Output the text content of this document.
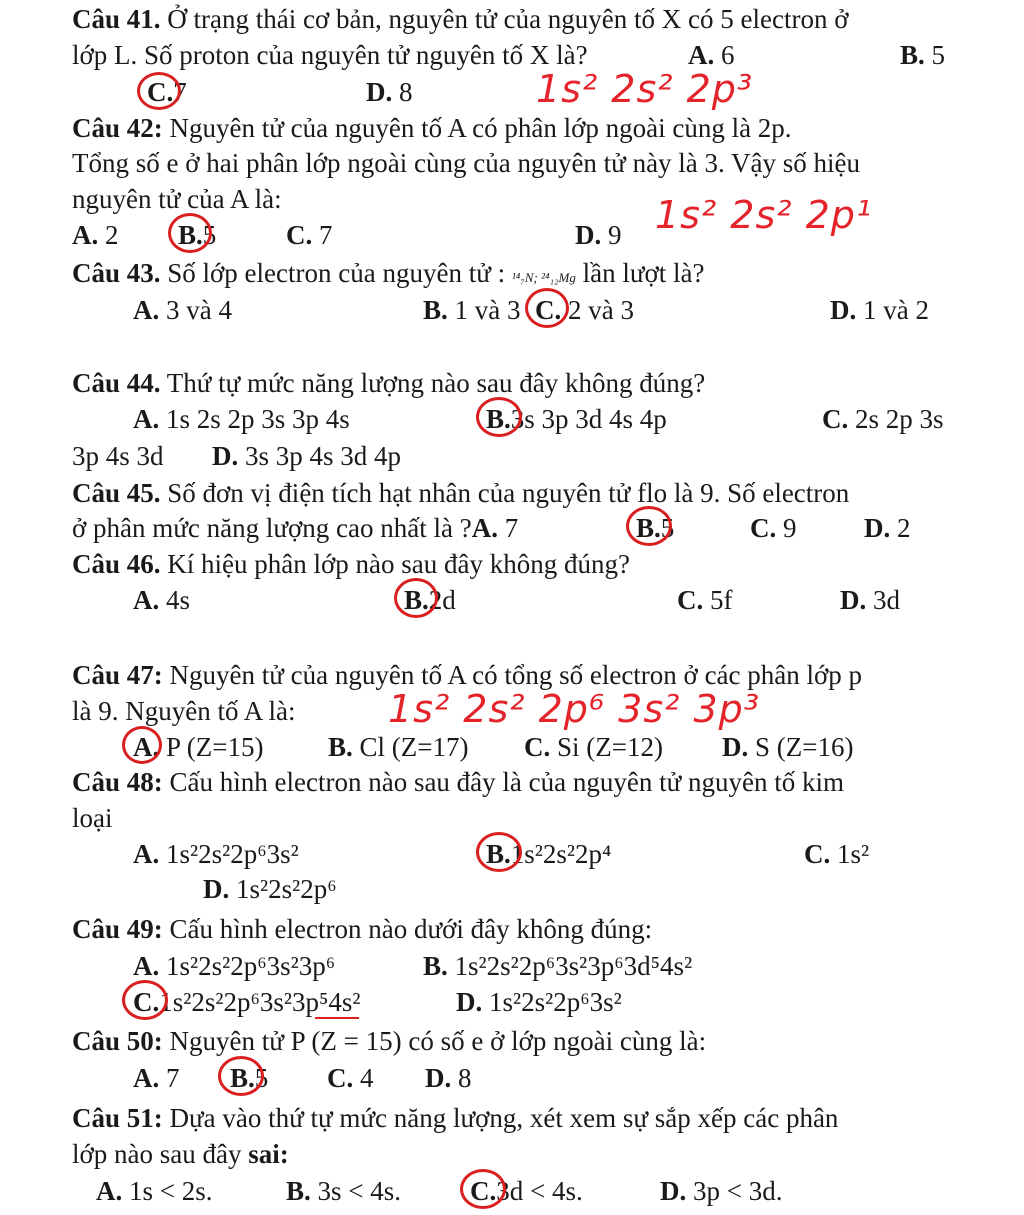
Câu 41. Ở trạng thái cơ bản, nguyên tử của nguyên tố X có 5 electron ở
lớp L. Số proton của nguyên tử nguyên tố X là?	A. 6	B. 5
C.7	D. 8	1s² 2s² 2p³
Câu 42: Nguyên tử của nguyên tố A có phân lớp ngoài cùng là 2p.
Tổng số e ở hai phân lớp ngoài cùng của nguyên tử này là 3. Vậy số hiệu
nguyên tử của A là:
A. 2 B.5	C. 7	D. 9 1s² 2s² 2p¹
Câu 43. Số lớp electron của nguyên tử : ¹⁴₇N; ²⁴₁₂Mg lần lượt là?
A. 3 và 4	B. 1 và 3 C. 2 và 3	D. 1 và 2
Câu 44. Thứ tự mức năng lượng nào sau đây không đúng?
A. 1s 2s 2p 3s 3p 4s	B.3s 3p 3d 4s 4p	C. 2s 2p 3s
3p 4s 3d D. 3s 3p 4s 3d 4p
Câu 45. Số đơn vị điện tích hạt nhân của nguyên tử flo là 9. Số electron
ở phân mức năng lượng cao nhất là ?A. 7	B.5	C. 9	D. 2
Câu 46. Kí hiệu phân lớp nào sau đây không đúng?
A. 4s	B.2d	C. 5f	D. 3d
Câu 47: Nguyên tử của nguyên tố A có tổng số electron ở các phân lớp p
là 9. Nguyên tố A là: 1s² 2s² 2p⁶ 3s² 3p³
A. P (Z=15) B. Cl (Z=17) C. Si (Z=12) D. S (Z=16)
Câu 48: Cấu hình electron nào sau đây là của nguyên tử nguyên tố kim
loại
A. 1s²2s²2p⁶3s²	B.1s²2s²2p⁴	C. 1s²
D. 1s²2s²2p⁶
Câu 49: Cấu hình electron nào dưới đây không đúng:
A. 1s²2s²2p⁶3s²3p⁶	B. 1s²2s²2p⁶3s²3p⁶3d⁵4s²
C.1s²2s²2p⁶3s²3p⁵4s²	D. 1s²2s²2p⁶3s²
Câu 50: Nguyên tử P (Z = 15) có số e ở lớp ngoài cùng là:
A. 7 B.5 C. 4 D. 8
Câu 51: Dựa vào thứ tự mức năng lượng, xét xem sự sắp xếp các phân
lớp nào sau đây sai:
A. 1s < 2s.	B. 3s < 4s.	C.3d < 4s.	D. 3p < 3d.
